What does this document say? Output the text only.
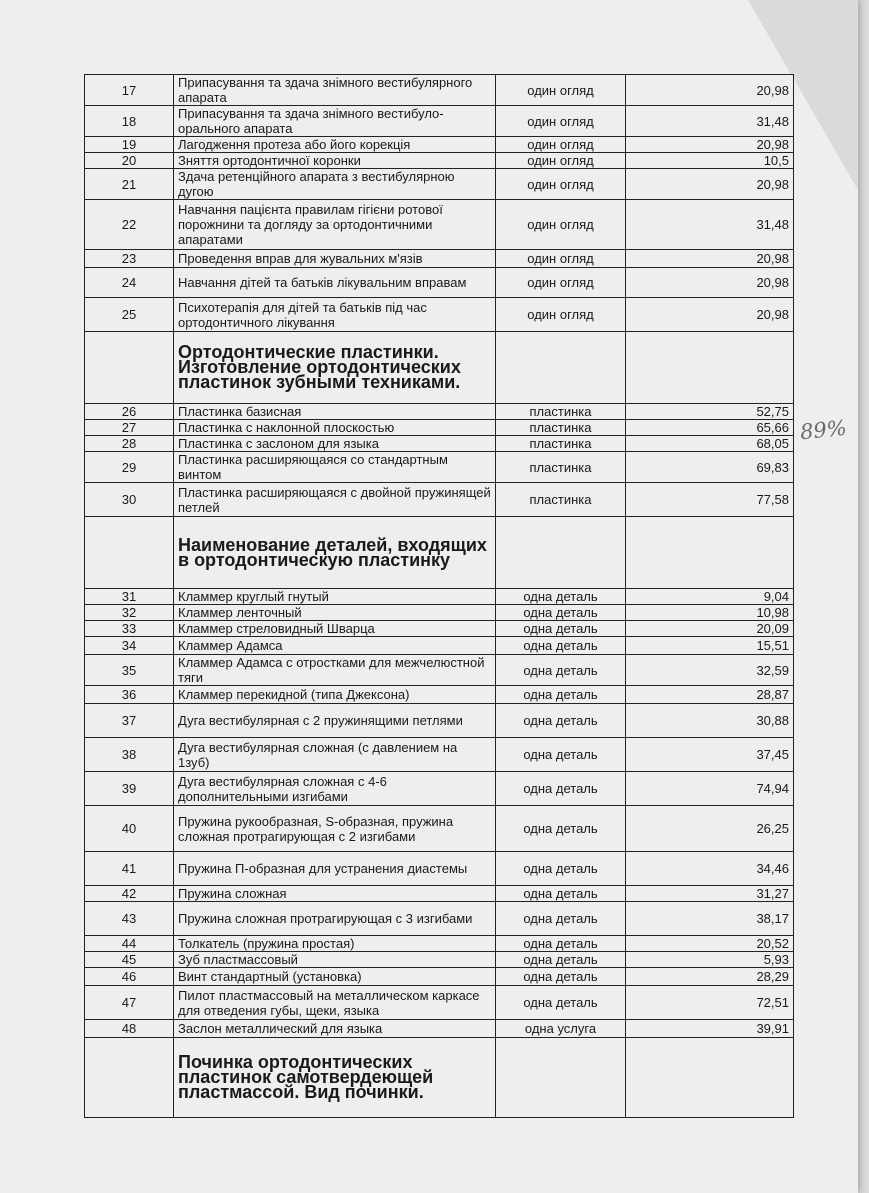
89%
17	Припасування та здача знімного вестибулярного апарата	один огляд	20,98
18	Припасування та здача знімного вестибуло-орального апарата	один огляд	31,48
19	Лагодження протеза або його корекція	один огляд	20,98
20	Зняття ортодонтичної коронки	один огляд	10,5
21	Здача ретенційного апарата з вестибулярною дугою	один огляд	20,98
22	Навчання пацієнта правилам гігієни ротової порожнини та догляду за ортодонтичними апаратами	один огляд	31,48
23	Проведення вправ для жувальних м'язів	один огляд	20,98
24	Навчання дітей та батьків лікувальним вправам	один огляд	20,98
25	Психотерапія для дітей та батьків під час ортодонтичного лікування	один огляд	20,98
	Ортодонтические пластинки. Изготовление ортодонтических пластинок зубными техниками.		
26	Пластинка базисная	пластинка	52,75
27	Пластинка с наклонной плоскостью	пластинка	65,66
28	Пластинка с заслоном для языка	пластинка	68,05
29	Пластинка расширяющаяся со стандартным винтом	пластинка	69,83
30	Пластинка расширяющаяся с двойной пружинящей петлей	пластинка	77,58
	Наименование деталей, входящих в ортодонтическую пластинку		
31	Кламмер круглый гнутый	одна деталь	9,04
32	Кламмер ленточный	одна деталь	10,98
33	Кламмер стреловидный Шварца	одна деталь	20,09
34	Кламмер Адамса	одна деталь	15,51
35	Кламмер Адамса с отростками для межчелюстной тяги	одна деталь	32,59
36	Кламмер перекидной (типа Джексона)	одна деталь	28,87
37	Дуга вестибулярная с 2 пружинящими петлями	одна деталь	30,88
38	Дуга вестибулярная сложная (с давлением на 1зуб)	одна деталь	37,45
39	Дуга вестибулярная сложная с 4-6 дополнительными изгибами	одна деталь	74,94
40	Пружина рукообразная, S-образная, пружина сложная протрагирующая с 2 изгибами	одна деталь	26,25
41	Пружина П-образная для устранения диастемы	одна деталь	34,46
42	Пружина сложная	одна деталь	31,27
43	Пружина сложная протрагирующая с 3 изгибами	одна деталь	38,17
44	Толкатель (пружина простая)	одна деталь	20,52
45	Зуб пластмассовый	одна деталь	5,93
46	Винт стандартный (установка)	одна деталь	28,29
47	Пилот пластмассовый на металлическом каркасе для отведения губы, щеки, языка	одна деталь	72,51
48	Заслон металлический для языка	одна услуга	39,91
	Починка ортодонтических пластинок самотвердеющей пластмассой. Вид починки.		
